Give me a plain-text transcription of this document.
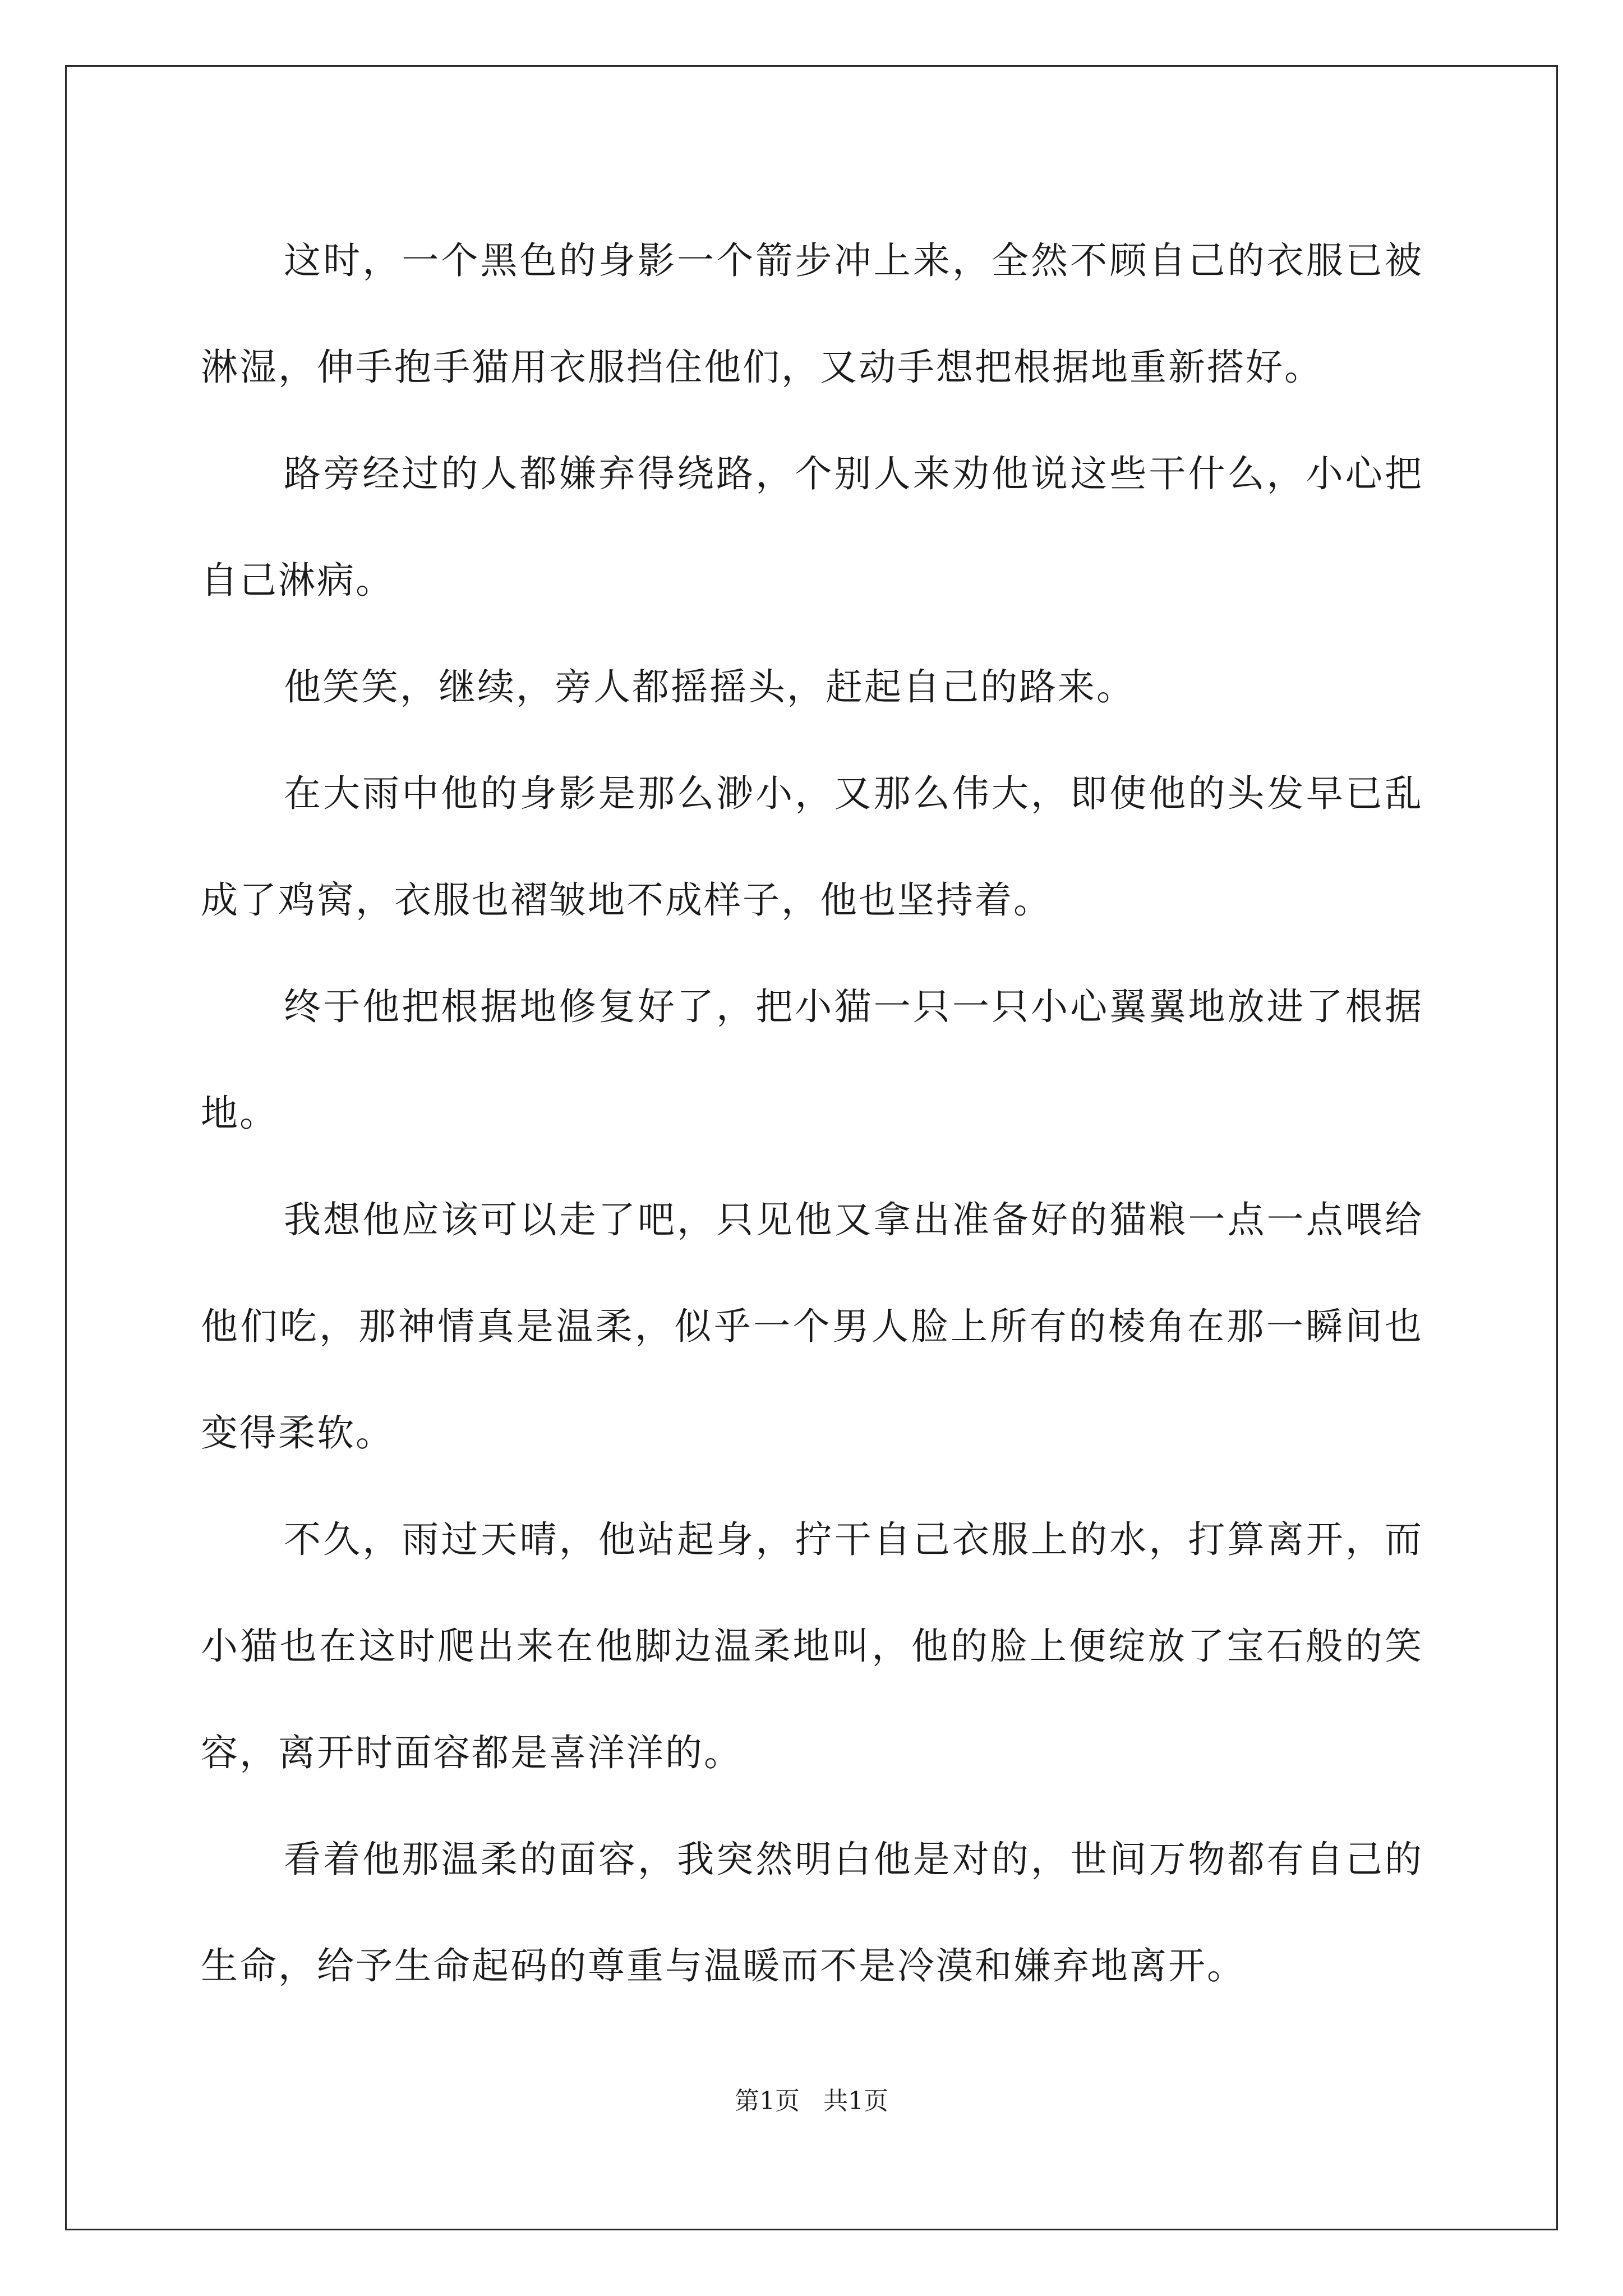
这时，一个黑色的身影一个箭步冲上来，全然不顾自己的衣服已被淋湿，伸手抱手猫用衣服挡住他们，又动手想把根据地重新搭好。

路旁经过的人都嫌弃得绕路，个别人来劝他说这些干什么，小心把自己淋病。

他笑笑，继续，旁人都摇摇头，赶起自己的路来。

在大雨中他的身影是那么渺小，又那么伟大，即使他的头发早已乱成了鸡窝，衣服也褶皱地不成样子，他也坚持着。

终于他把根据地修复好了，把小猫一只一只小心翼翼地放进了根据地。

我想他应该可以走了吧，只见他又拿出准备好的猫粮一点一点喂给他们吃，那神情真是温柔，似乎一个男人脸上所有的棱角在那一瞬间也变得柔软。

不久，雨过天晴，他站起身，拧干自己衣服上的水，打算离开，而小猫也在这时爬出来在他脚边温柔地叫，他的脸上便绽放了宝石般的笑容，离开时面容都是喜洋洋的。

看着他那温柔的面容，我突然明白他是对的，世间万物都有自己的生命，给予生命起码的尊重与温暖而不是冷漠和嫌弃地离开。

第1页   共1页
